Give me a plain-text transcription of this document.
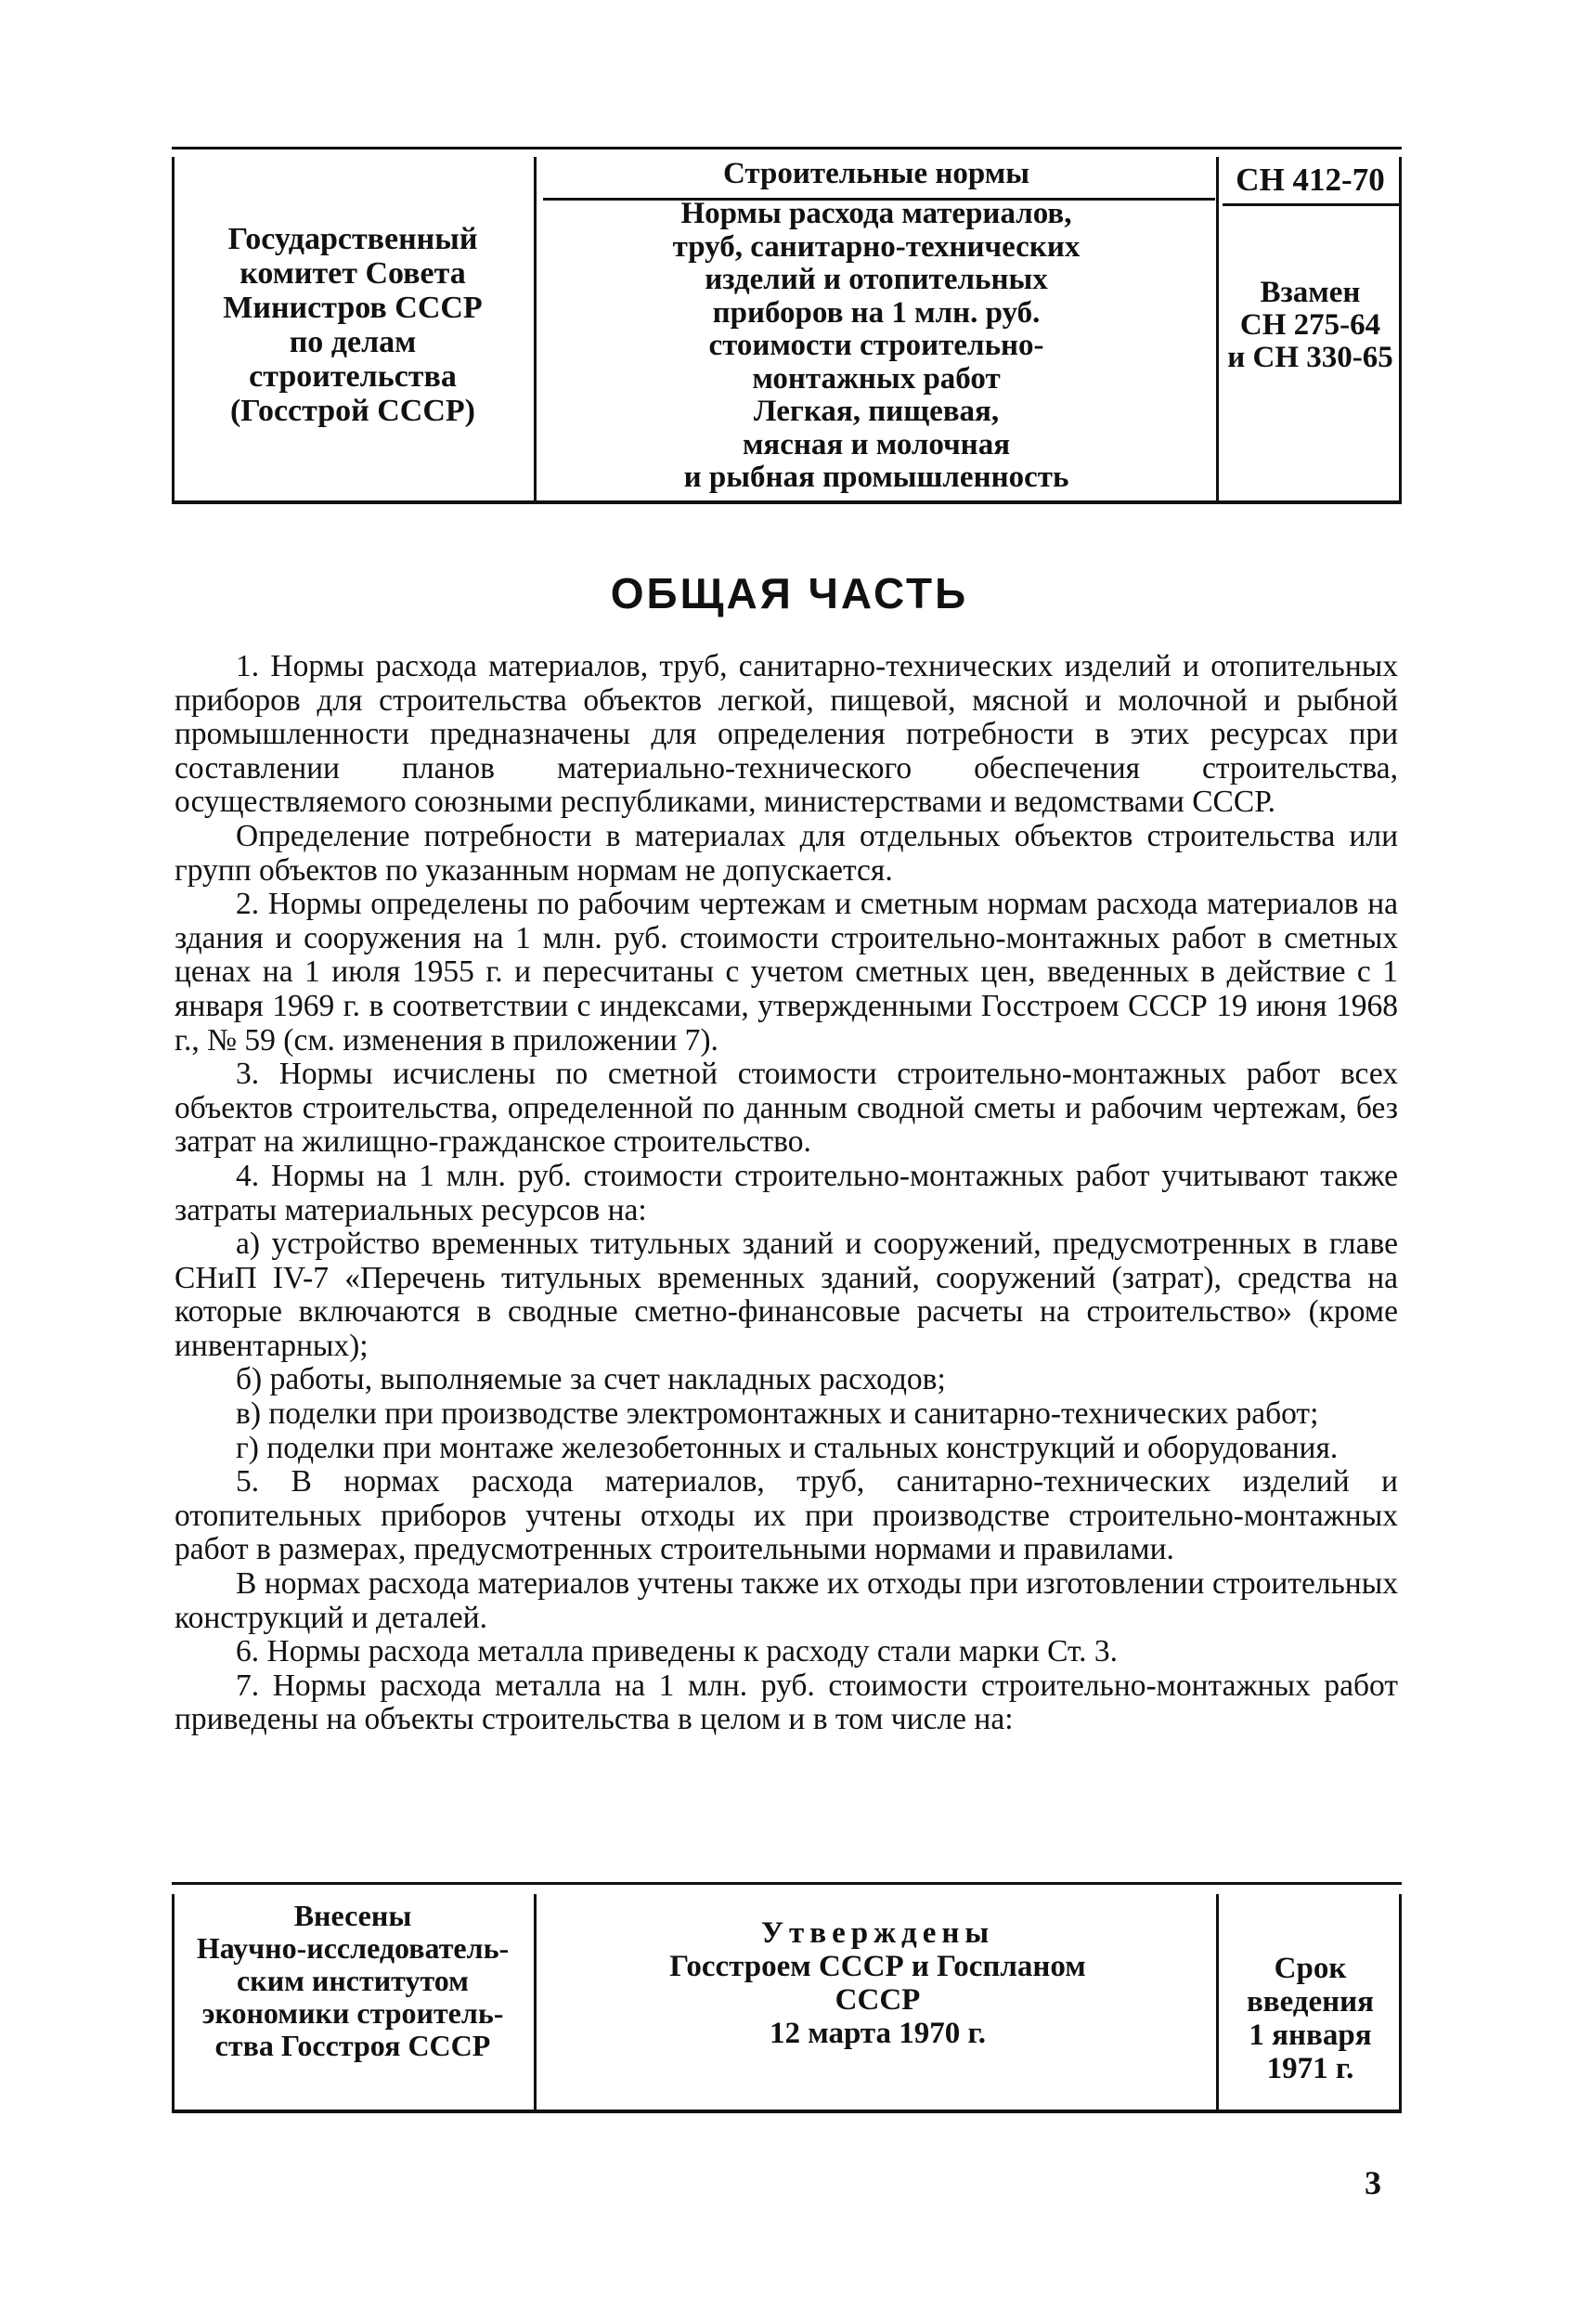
Государственный
комитет Совета
Министров СССР
по делам
строительства
(Госстрой СССР)
Строительные нормы
Нормы расхода материалов,
труб, санитарно-технических
изделий и отопительных
приборов на 1 млн. руб.
стоимости строительно-
монтажных работ
Легкая, пищевая,
мясная и молочная
и рыбная промышленность
СН 412-70
Взамен
СН 275-64
и СН 330-65
ОБЩАЯ ЧАСТЬ

1. Нормы расхода материалов, труб, санитарно-технических изделий и отопительных приборов для строительства объектов легкой, пищевой, мясной и молочной и рыбной промышленности предназначены для определения потребности в этих ресурсах при составлении планов материально-технического обеспечения строительства, осуществляемого союзными республиками, министерствами и ведомствами СССР.

Определение потребности в материалах для отдельных объектов строительства или групп объектов по указанным нормам не допускается.

2. Нормы определены по рабочим чертежам и сметным нормам расхода материалов на здания и сооружения на 1 млн. руб. стоимости строительно-монтажных работ в сметных ценах на 1 июля 1955 г. и пересчитаны с учетом сметных цен, введенных в действие с 1 января 1969 г. в соответствии с индексами, утвержденными Госстроем СССР 19 июня 1968 г., № 59 (см. изменения в приложении 7).

3. Нормы исчислены по сметной стоимости строительно-монтажных работ всех объектов строительства, определенной по данным сводной сметы и рабочим чертежам, без затрат на жилищно-гражданское строительство.

4. Нормы на 1 млн. руб. стоимости строительно-монтажных работ учитывают также затраты материальных ресурсов на:

а) устройство временных титульных зданий и сооружений, предусмотренных в главе СНиП IV-7 «Перечень титульных временных зданий, сооружений (затрат), средства на которые включаются в сводные сметно-финансовые расчеты на строительство» (кроме инвентарных);

б) работы, выполняемые за счет накладных расходов;

в) поделки при производстве электромонтажных и санитарно-технических работ;

г) поделки при монтаже железобетонных и стальных конструкций и оборудования.

5. В нормах расхода материалов, труб, санитарно-технических изделий и отопительных приборов учтены отходы их при производстве строительно-монтажных работ в размерах, предусмотренных строительными нормами и правилами.

В нормах расхода материалов учтены также их отходы при изготовлении строительных конструкций и деталей.

6. Нормы расхода металла приведены к расходу стали марки Ст. 3.

7. Нормы расхода металла на 1 млн. руб. стоимости строительно-монтажных работ приведены на объекты строительства в целом и в том числе на:

Внесены
Научно-исследователь-
ским институтом
экономики строитель-
ства Госстроя СССР
Утверждены
Госстроем СССР и Госпланом
СССР
12 марта 1970 г.
Срок введения
1 января 1971 г.
3
